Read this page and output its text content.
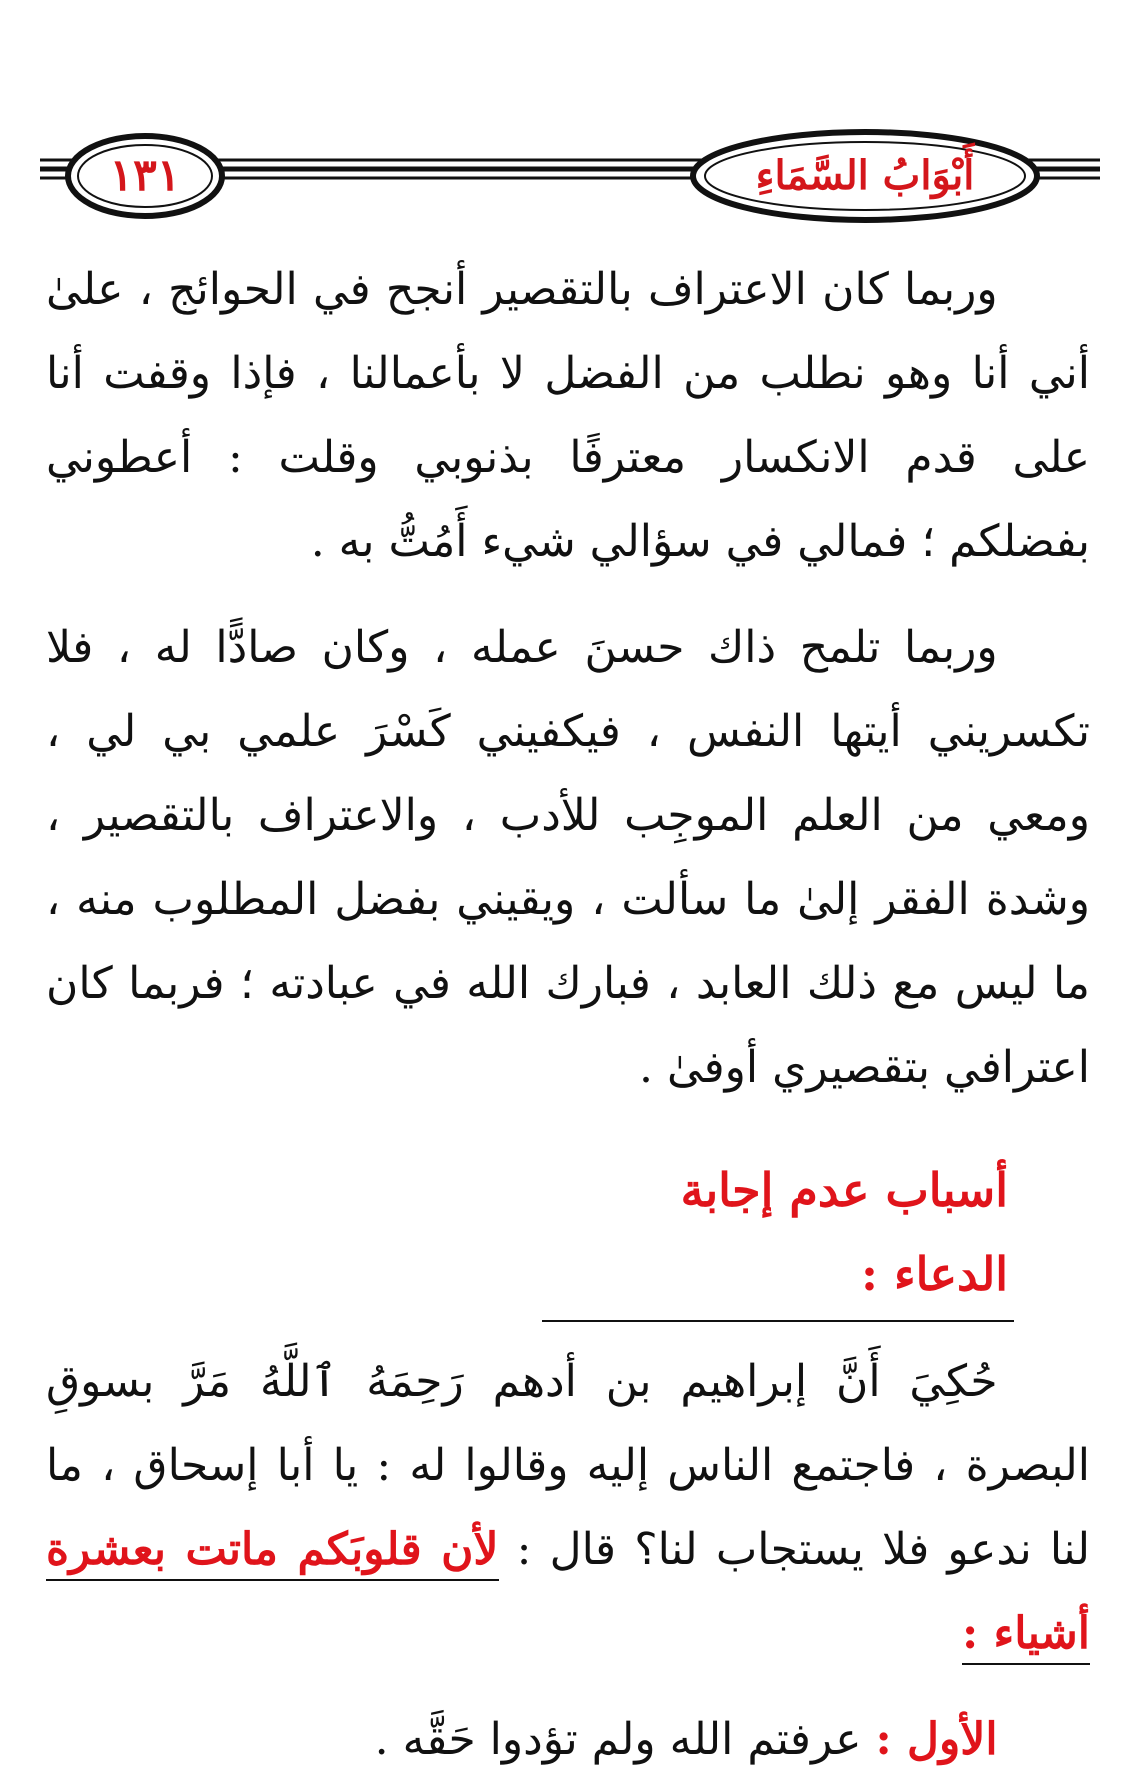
١٣١	أَبْوَابُ السَّمَاءِ

وربما كان الاعتراف بالتقصير أنجح في الحوائج ، علىٰ أني أنا وهو نطلب من الفضل لا بأعمالنا ، فإذا وقفت أنا على قدم الانكسار معترفًا بذنوبي وقلت : أعطوني بفضلكم ؛ فمالي في سؤالي شيء أَمُتُّ به .

وربما تلمح ذاك حسنَ عمله ، وكان صادًّا له ، فلا تكسريني أيتها النفس ، فيكفيني كَسْرَ علمي بي لي ، ومعي من العلم الموجِب للأدب ، والاعتراف بالتقصير ، وشدة الفقر إلىٰ ما سألت ، ويقيني بفضل المطلوب منه ، ما ليس مع ذلك العابد ، فبارك الله في عبادته ؛ فربما كان اعترافي بتقصيري أوفىٰ .

أسباب عدم إجابة الدعاء :

حُكِيَ أَنَّ إبراهيم بن أدهم رَحِمَهُ ٱللَّهُ مَرَّ بسوقِ البصرة ، فاجتمع الناس إليه وقالوا له : يا أبا إسحاق ، ما لنا ندعو فلا يستجاب لنا؟ قال : لأن قلوبَكم ماتت بعشرة أشياء :

الأول : عرفتم الله ولم تؤدوا حَقَّه .
